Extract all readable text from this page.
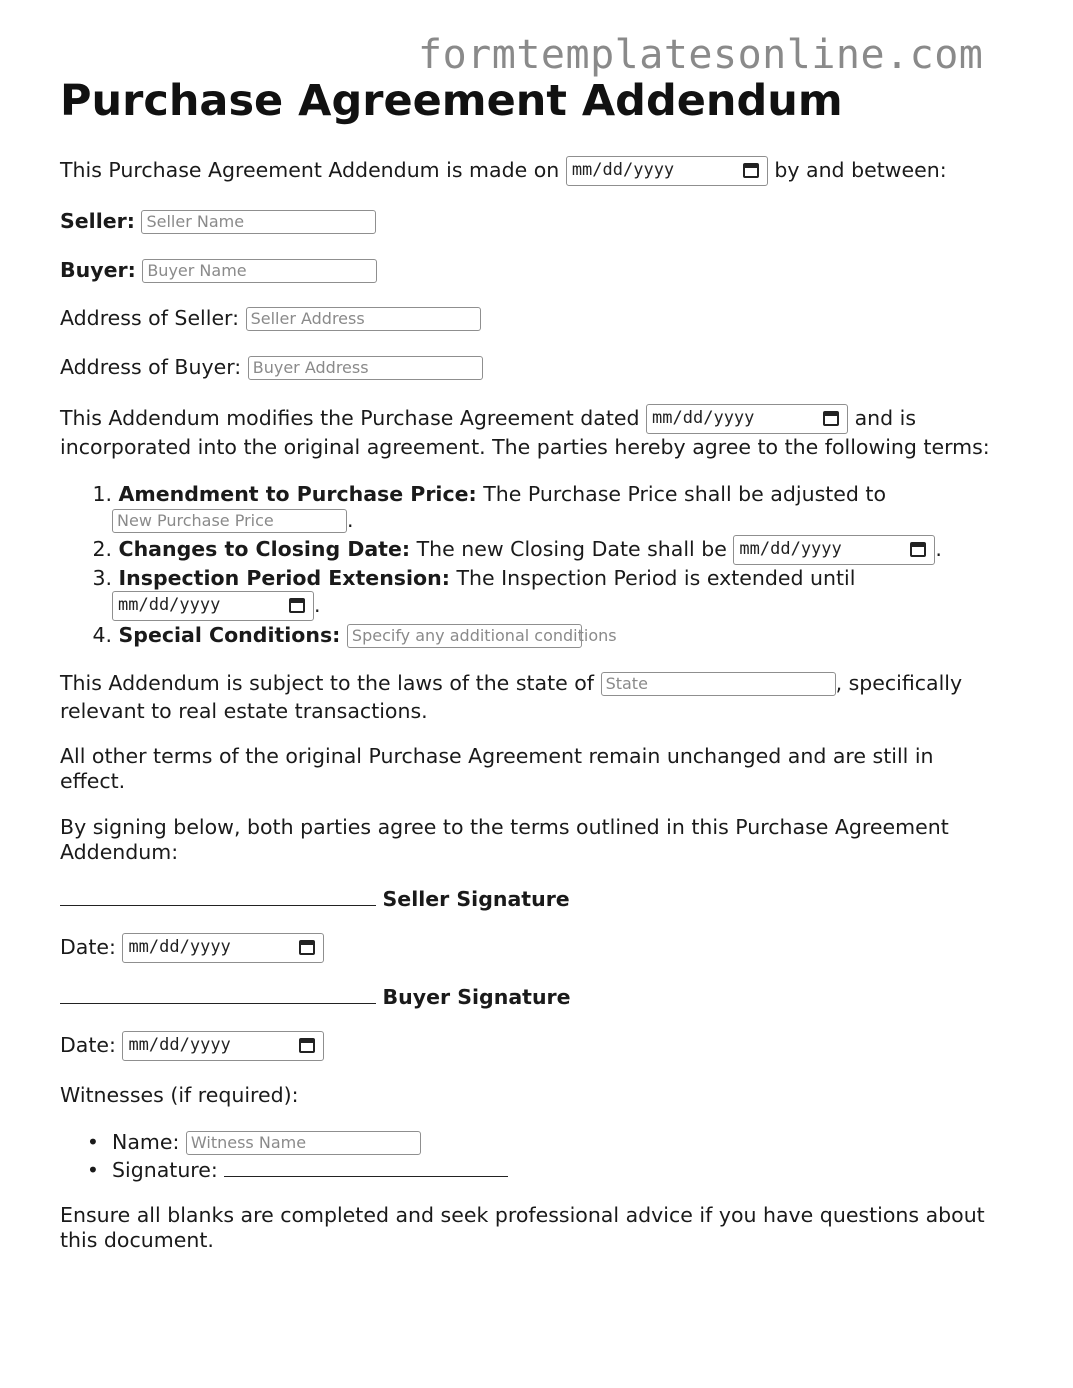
formtemplatesonline.com
Purchase Agreement Addendum
This Purchase Agreement Addendum is made on mm/dd/yyyy	by and between:
Seller: Seller Name
Buyer: Buyer Name
Address of Seller: Seller Address
Address of Buyer: Buyer Address
This Addendum modifies the Purchase Agreement dated mm/dd/yyyy	and is
incorporated into the original agreement. The parties hereby agree to the following terms:
1. Amendment to Purchase Price: The Purchase Price shall be adjusted to
New Purchase Price	.
2. Changes to Closing Date: The new Closing Date shall be mm/dd/yyyy	.
3. Inspection Period Extension: The Inspection Period is extended until
mm/dd/yyyy	.
4. Special Conditions: Specify any additional conditions
This Addendum is subject to the laws of the state of State	, specifically
relevant to real estate transactions.
All other terms of the original Purchase Agreement remain unchanged and are still in
effect.
By signing below, both parties agree to the terms outlined in this Purchase Agreement
Addendum:
Seller Signature
Date: mm/dd/yyyy
Buyer Signature
Date: mm/dd/yyyy
Witnesses (if required):
•  Name: Witness Name
•  Signature:
Ensure all blanks are completed and seek professional advice if you have questions about
this document.
